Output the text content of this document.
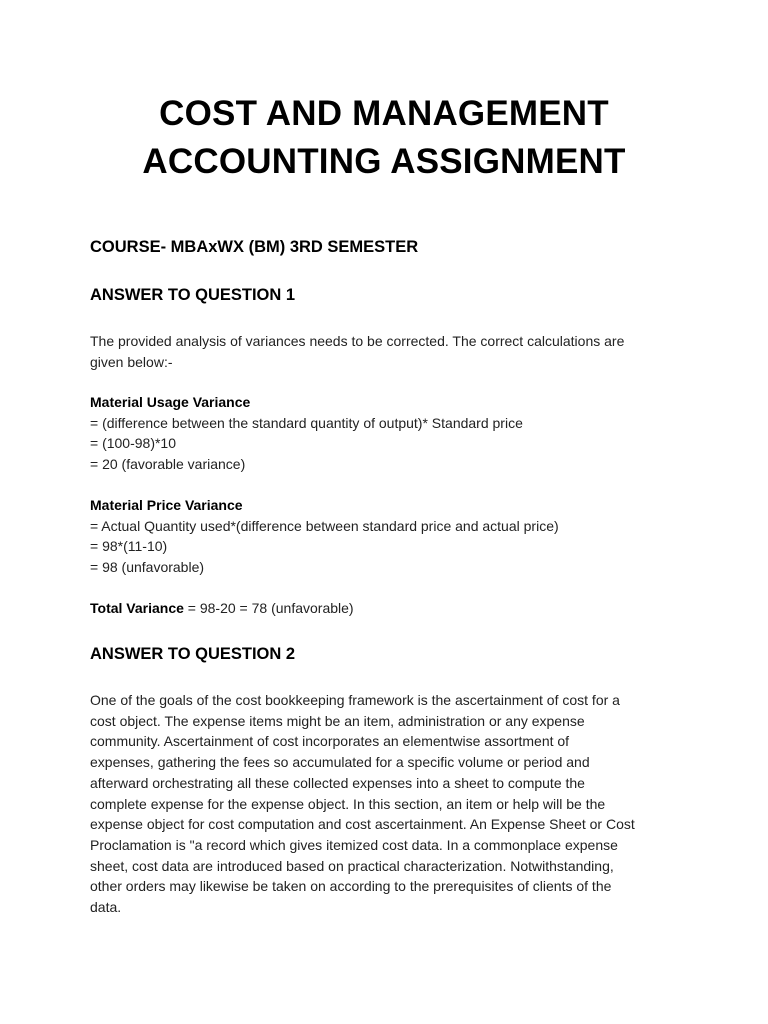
COST AND MANAGEMENT
ACCOUNTING ASSIGNMENT
COURSE- MBAxWX (BM) 3RD SEMESTER
ANSWER TO QUESTION 1

The provided analysis of variances needs to be corrected. The correct calculations are

given below:-

Material Usage Variance

= (difference between the standard quantity of output)* Standard price

= (100-98)*10

= 20 (favorable variance)

Material Price Variance

= Actual Quantity used*(difference between standard price and actual price)

= 98*(11-10)

= 98 (unfavorable)

Total Variance = 98-20 = 78 (unfavorable)

ANSWER TO QUESTION 2

One of the goals of the cost bookkeeping framework is the ascertainment of cost for a

cost object. The expense items might be an item, administration or any expense

community. Ascertainment of cost incorporates an elementwise assortment of

expenses, gathering the fees so accumulated for a specific volume or period and

afterward orchestrating all these collected expenses into a sheet to compute the

complete expense for the expense object. In this section, an item or help will be the

expense object for cost computation and cost ascertainment. An Expense Sheet or Cost

Proclamation is "a record which gives itemized cost data. In a commonplace expense

sheet, cost data are introduced based on practical characterization. Notwithstanding,

other orders may likewise be taken on according to the prerequisites of clients of the

data.
